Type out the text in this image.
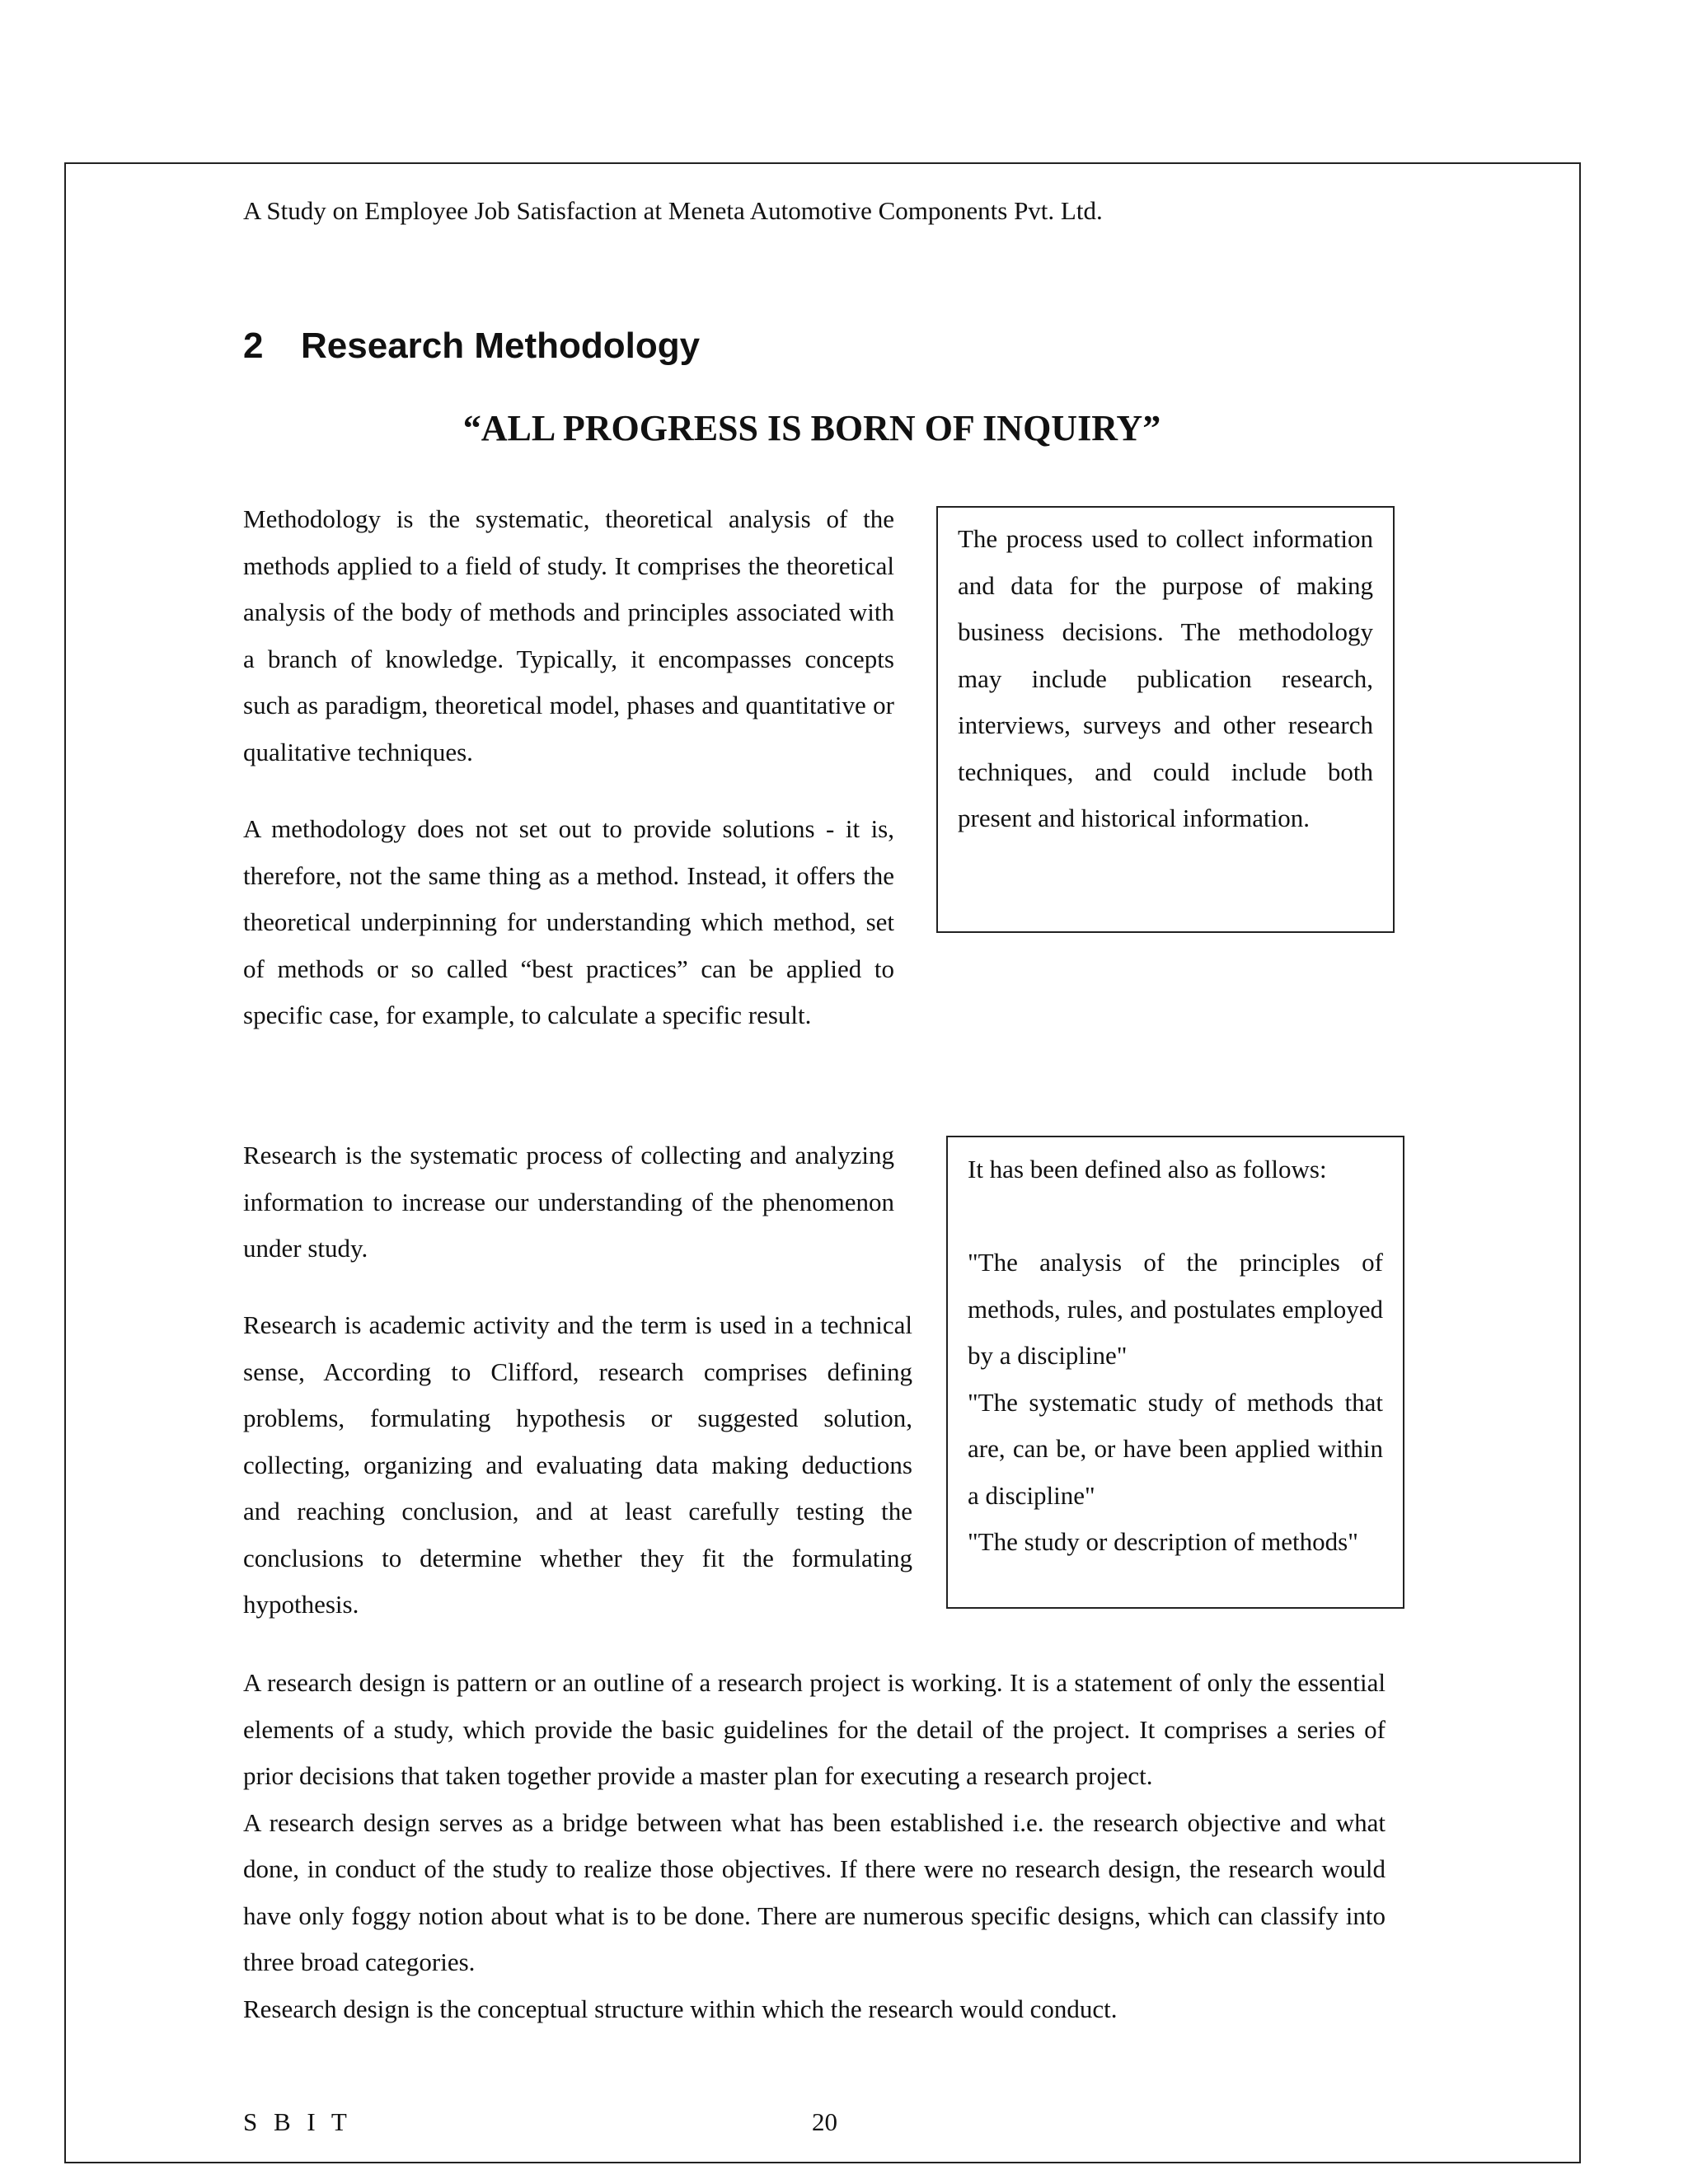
A Study on Employee Job Satisfaction at Meneta Automotive Components Pvt. Ltd.
2 Research Methodology
“ALL PROGRESS IS BORN OF INQUIRY”

Methodology is the systematic, theoretical analysis of the methods applied to a field of study. It comprises the theoretical analysis of the body of methods and principles associated with a branch of knowledge. Typically, it encompasses concepts such as paradigm, theoretical model, phases and quantitative or qualitative techniques.

A methodology does not set out to provide solutions - it is, therefore, not the same thing as a method. Instead, it offers the theoretical underpinning for understanding which method, set of methods or so called “best practices” can be applied to specific case, for example, to calculate a specific result.

The process used to collect information and data for the purpose of making business decisions. The methodology may include publication research, interviews, surveys and other research techniques, and could include both present and historical information.

Research is the systematic process of collecting and analyzing information to increase our understanding of the phenomenon under study.

It has been defined also as follows:

"The analysis of the principles of methods, rules, and postulates employed by a discipline"

"The systematic study of methods that are, can be, or have been applied within a discipline"

"The study or description of methods"

Research is academic activity and the term is used in a technical sense, According to Clifford, research comprises defining problems, formulating hypothesis or suggested solution, collecting, organizing and evaluating data making deductions and reaching conclusion, and at least carefully testing the conclusions to determine whether they fit the formulating hypothesis.

A research design is pattern or an outline of a research project is working. It is a statement of only the essential elements of a study, which provide the basic guidelines for the detail of the project. It comprises a series of prior decisions that taken together provide a master plan for executing a research project.

A research design serves as a bridge between what has been established i.e. the research objective and what done, in conduct of the study to realize those objectives. If there were no research design, the research would have only foggy notion about what is to be done. There are numerous specific designs, which can classify into three broad categories.

Research design is the conceptual structure within which the research would conduct.

S B I T	20
